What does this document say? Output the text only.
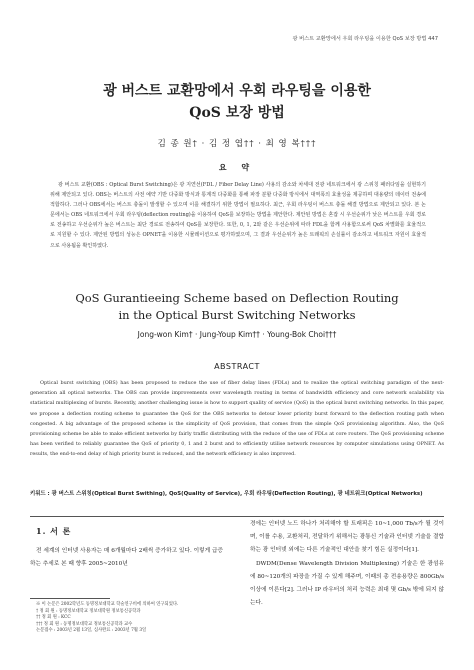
광 버스트 교환망에서 우회 라우팅을 이용한 QoS 보장 방법 447
광 버스트 교환망에서 우회 라우팅을 이용한
QoS 보장 방법
김 종 원† · 김 정 엽†† · 최 영 복†††
요 약
광 버스트 교환(OBS : Optical Burst Switching)은 광 지연선(FDL / Fiber Delay Line) 사용의 감소와 차세대 전광 네트워크에서 광 스위칭 패러다임을 실현하기 위해 제안되고 있다. OBS는 버스트의 사전 예약 기반 다중화 방식과 통계적 다중화를 통해 파장 분할 다중화 방식에서 대역폭의 효율성을 제공하며 대용량의 데이터 전송에 적합하다. 그러나 OBS에서는 버스트 충돌이 발생할 수 있으며 이를 해결하기 위한 방법이 필요하다. 최근, 우회 라우팅이 버스트 충돌 해결 방법으로 제안되고 있다. 본 논문에서는 OBS 네트워크에서 우회 라우팅(deflection routing)을 이용하여 QoS를 보장하는 방법을 제안한다. 제안된 방법은 혼잡 시 우선순위가 낮은 버스트를 우회 경로로 전송하고 우선순위가 높은 버스트는 최단 경로로 전송하여 QoS를 보장한다. 또한, 0, 1, 2와 같은 우선순위에 따라 FDL을 함께 사용함으로써 QoS 차별화를 효율적으로 지원할 수 있다. 제안된 방법의 성능은 OPNET을 이용한 시뮬레이션으로 평가하였으며, 그 결과 우선순위가 높은 트래픽의 손실률이 감소하고 네트워크 자원이 효율적으로 사용됨을 확인하였다.
QoS Gurantieeing Scheme based on Deflection Routing
in the Optical Burst Switching Networks
Jong-won Kim† · Jung-Youp Kim†† · Young-Bok Choi†††
ABSTRACT
Optical burst switching (OBS) has been proposed to reduce the use of fiber delay lines (FDLs) and to realize the optical switching paradigm of the next-generation all optical networks. The OBS can provide improvements over wavelength routing in terms of bandwidth efficiency and core network scalability via statistical multiplexing of bursts. Recently, another challenging issue is how to support quality of service (QoS) in the optical burst switching networks. In this paper, we propose a deflection routing scheme to guarantee the QoS for the OBS networks to detour lower priority burst forward to the deflection routing path when congested. A big advantage of the proposed scheme is the simplicity of QoS provision, that comes from the simple QoS provisioning algorithm. Also, the QoS provisioning scheme be able to make efficient networks by fairly traffic distributing with the reduce of the use of FDLs at core routers. The QoS provisioning scheme has been verified to reliably guarantee the QoS of priority 0, 1 and 2 burst and to efficiently utilise network resources by computer simulations using OPNET. As results, the end-to-end delay of high priority burst is reduced, and the network efficiency is also improved.
키워드 : 광 버스트 스위칭(Optical Burst Swithing), QoS(Quality of Service), 우회 라우팅(Deflection Routing), 광 네트워크(Optical Networks)
1. 서 론
전 세계의 인터넷 사용자는 매 6개월마다 2배씩 증가하고 있다. 이렇게 급증하는 추세로 본 때 향후 2005~2010년

경에는 인터넷 노드 하나가 처리해야 할 트래픽은 10~1,000 Tb/s가 될 것이며, 이를 수용, 교환처리, 전달하기 위해서는 광통신 기술과 인터넷 기술을 결합하는 광 인터넷 외에는 다른 기술적인 대안을 찾기 힘든 실정이다[1].

DWDM(Dense Wavelength Division Multiplexing) 기술은 한 광섬유에 80~120개의 파장을 가질 수 있게 해주며, 이때의 총 전송용량은 800Gb/s 이상에 이른다[2]. 그러나 IP 라우터의 처리 능력은 최대 몇 Gb/s 밖에 되지 않는다.

※ 이 논문은 2002학년도 동명정보대학교 학술연구비에 의하여 연구되었다.
† 정 회 원 : 동명정보대학교 정보대학원 정보통신공학과
†† 정 회 원 : KCC
††† 정 회 원 : 동명정보대학교 정보통신공학과 교수
논문접수 : 2003년 2월 13일, 심사완료 : 2003년 7월 3일
